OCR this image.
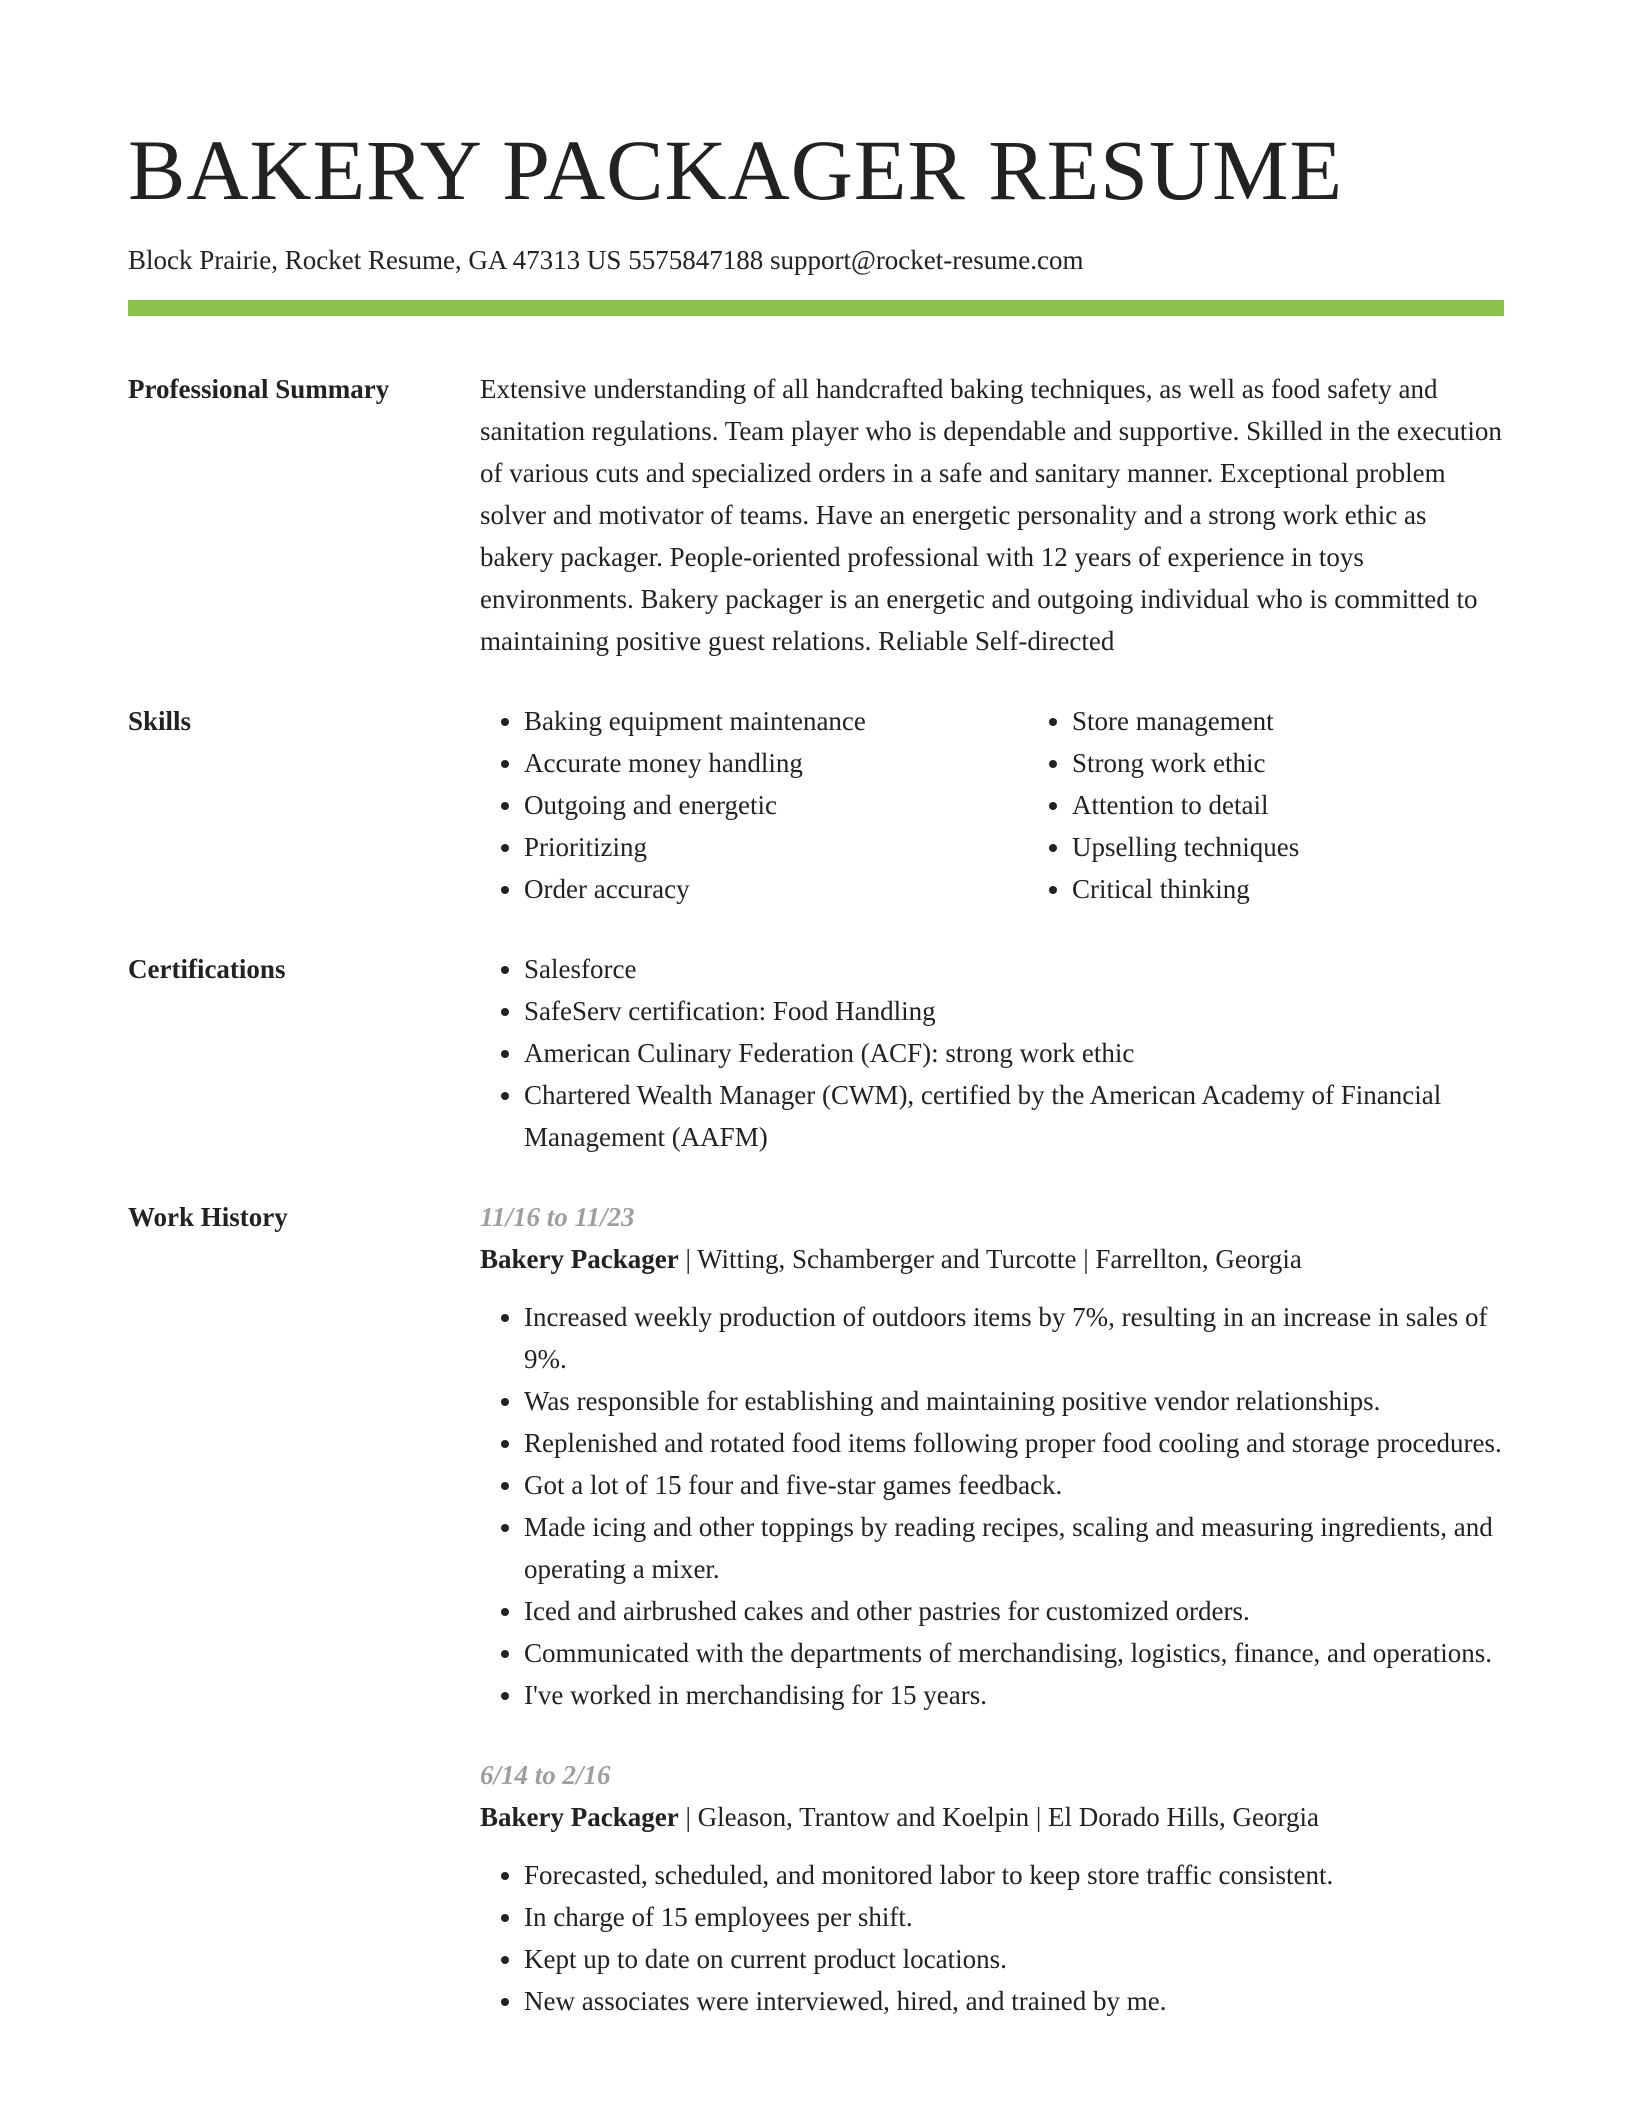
BAKERY PACKAGER RESUME
Block Prairie, Rocket Resume, GA 47313 US 5575847188 support@rocket-resume.com
Professional Summary	Extensive understanding of all handcrafted baking techniques, as well as food safety and sanitation regulations. Team player who is dependable and supportive. Skilled in the execution of various cuts and specialized orders in a safe and sanitary manner. Exceptional problem solver and motivator of teams. Have an energetic personality and a strong work ethic as bakery packager. People-oriented professional with 12 years of experience in toys environments. Bakery packager is an energetic and outgoing individual who is committed to maintaining positive guest relations. Reliable Self-directed

Skills	• Baking equipment maintenance
• Accurate money handling
• Outgoing and energetic
• Prioritizing
• Order accuracy
• Store management
• Strong work ethic
• Attention to detail
• Upselling techniques
• Critical thinking
Certifications	• Salesforce
• SafeServ certification: Food Handling
• American Culinary Federation (ACF): strong work ethic
• Chartered Wealth Manager (CWM), certified by the American Academy of Financial Management (AAFM)
Work History	11/16 to 11/23
Bakery Packager | Witting, Schamberger and Turcotte | Farrellton, Georgia
• Increased weekly production of outdoors items by 7%, resulting in an increase in sales of 9%.
• Was responsible for establishing and maintaining positive vendor relationships.
• Replenished and rotated food items following proper food cooling and storage procedures.
• Got a lot of 15 four and five-star games feedback.
• Made icing and other toppings by reading recipes, scaling and measuring ingredients, and operating a mixer.
• Iced and airbrushed cakes and other pastries for customized orders.
• Communicated with the departments of merchandising, logistics, finance, and operations.
• I've worked in merchandising for 15 years.
6/14 to 2/16
Bakery Packager | Gleason, Trantow and Koelpin | El Dorado Hills, Georgia
• Forecasted, scheduled, and monitored labor to keep store traffic consistent.
• In charge of 15 employees per shift.
• Kept up to date on current product locations.
• New associates were interviewed, hired, and trained by me.
